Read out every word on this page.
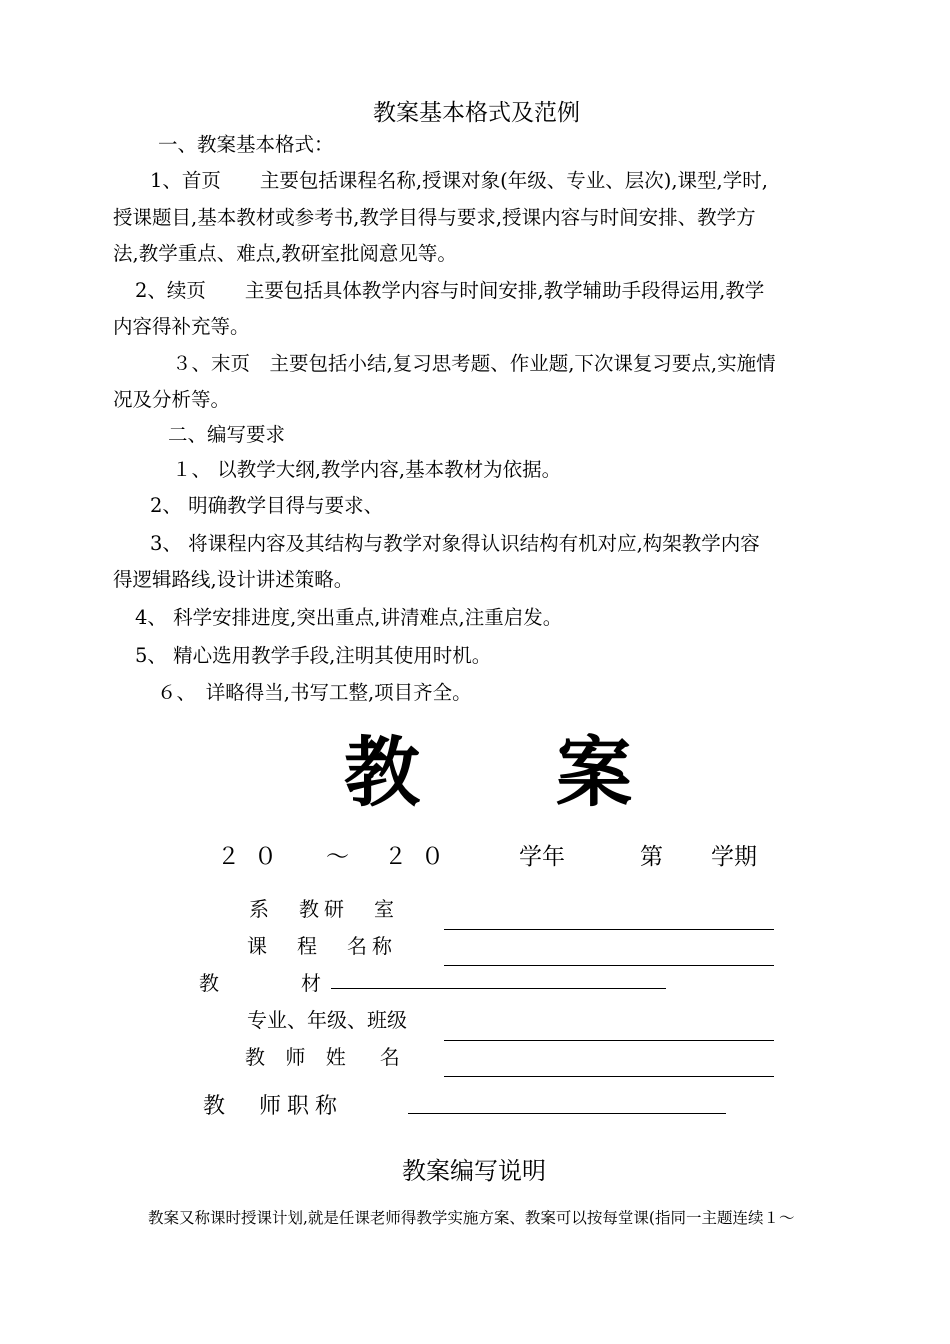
教案基本格式及范例
一、教案基本格式：
1、首页　　主要包括课程名称,授课对象(年级、专业、层次),课型,学时,
授课题目,基本教材或参考书,教学目得与要求,授课内容与时间安排、教学方
法,教学重点、难点,教研室批阅意见等。
2、续页　　主要包括具体教学内容与时间安排,教学辅助手段得运用,教学
内容得补充等。
３、末页　主要包括小结,复习思考题、作业题,下次课复习要点,实施情
况及分析等。
二、编写要求
１、 以教学大纲,教学内容,基本教材为依据。
2、 明确教学目得与要求、
3、 将课程内容及其结构与教学对象得认识结构有机对应,构架教学内容
得逻辑路线,设计讲述策略。
4、 科学安排进度,突出重点,讲清难点,注重启发。
5、 精心选用教学手段,注明其使用时机。
６、　详略得当,书写工整,项目齐全。
教 案
２０ ～ ２０	学年	第 学期
系　教研　室
课　程　名称
教　　材
专业、年级、班级
教 师 姓　名
教　师职称
教案编写说明
教案又称课时授课计划,就是任课老师得教学实施方案、教案可以按每堂课(指同一主题连续１～
